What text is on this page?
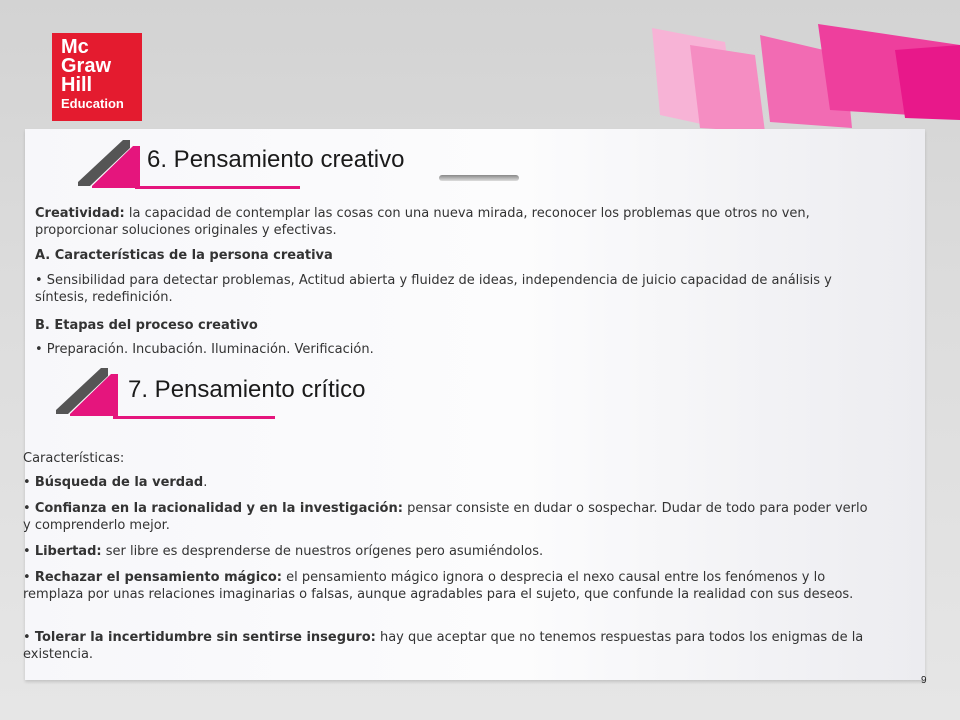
Mc
Graw
Hill
Education
6. Pensamiento creativo

Creatividad: la capacidad de contemplar las cosas con una nueva mirada, reconocer los problemas que otros no ven, proporcionar soluciones originales y efectivas.

A. Características de la persona creativa

• Sensibilidad para detectar problemas, Actitud abierta y fluidez de ideas, independencia de juicio capacidad de análisis y síntesis, redefinición.

B. Etapas del proceso creativo

• Preparación. Incubación. Iluminación. Verificación.

7. Pensamiento crítico

Características:

• Búsqueda de la verdad.

• Confianza en la racionalidad y en la investigación: pensar consiste en dudar o sospechar. Dudar de todo para poder verlo y comprenderlo mejor.

• Libertad: ser libre es desprenderse de nuestros orígenes pero asumiéndolos.

• Rechazar el pensamiento mágico: el pensamiento mágico ignora o desprecia el nexo causal entre los fenómenos y lo remplaza por unas relaciones imaginarias o falsas, aunque agradables para el sujeto, que confunde la realidad con sus deseos.

• Tolerar la incertidumbre sin sentirse inseguro: hay que aceptar que no tenemos respuestas para todos los enigmas de la existencia.

9
